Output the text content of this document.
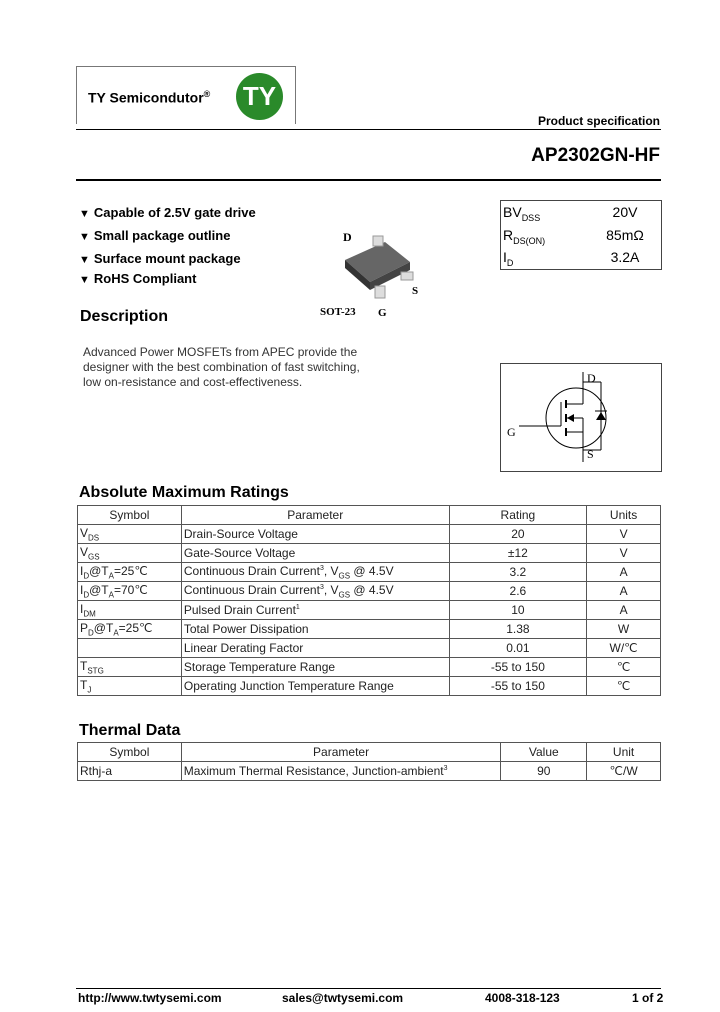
TY Semicondutor® TY
Product specification
AP2302GN-HF
▼ Capable of 2.5V gate drive
▼ Small package outline
▼ Surface mount package
▼ RoHS Compliant
D
S
SOT-23 G
$BV_{DSS}$	20V
$R_{DS(ON)}$	85mΩ
$I_D$	3.2A
Description
Advanced Power MOSFETs from APEC provide the designer with the best combination of fast switching, low on-resistance and cost-effectiveness.	D
G
S
Absolute Maximum Ratings
Symbol	Parameter	Rating	Units
$V_{DS}$	Drain-Source Voltage	20	V
$V_{GS}$	Gate-Source Voltage	±12	V
$I_D@T_A=25℃$	Continuous Drain Current$^3$, $V_{GS}$ @ 4.5V	3.2	A
$I_D@T_A=70℃$	Continuous Drain Current$^3$, $V_{GS}$ @ 4.5V	2.6	A
$I_{DM}$	Pulsed Drain Current$^1$	10	A
$P_D@T_A=25℃$	Total Power Dissipation	1.38	W
	Linear Derating Factor	0.01	W/℃
$T_{STG}$	Storage Temperature Range	-55 to 150	℃
$T_J$	Operating Junction Temperature Range	-55 to 150	℃
Thermal Data
Symbol	Parameter	Value	Unit
Rthj-a	Maximum Thermal Resistance, Junction-ambient$^3$	90	℃/W
http://www.twtysemi.com	sales@twtysemi.com	4008-318-123	1 of 2
